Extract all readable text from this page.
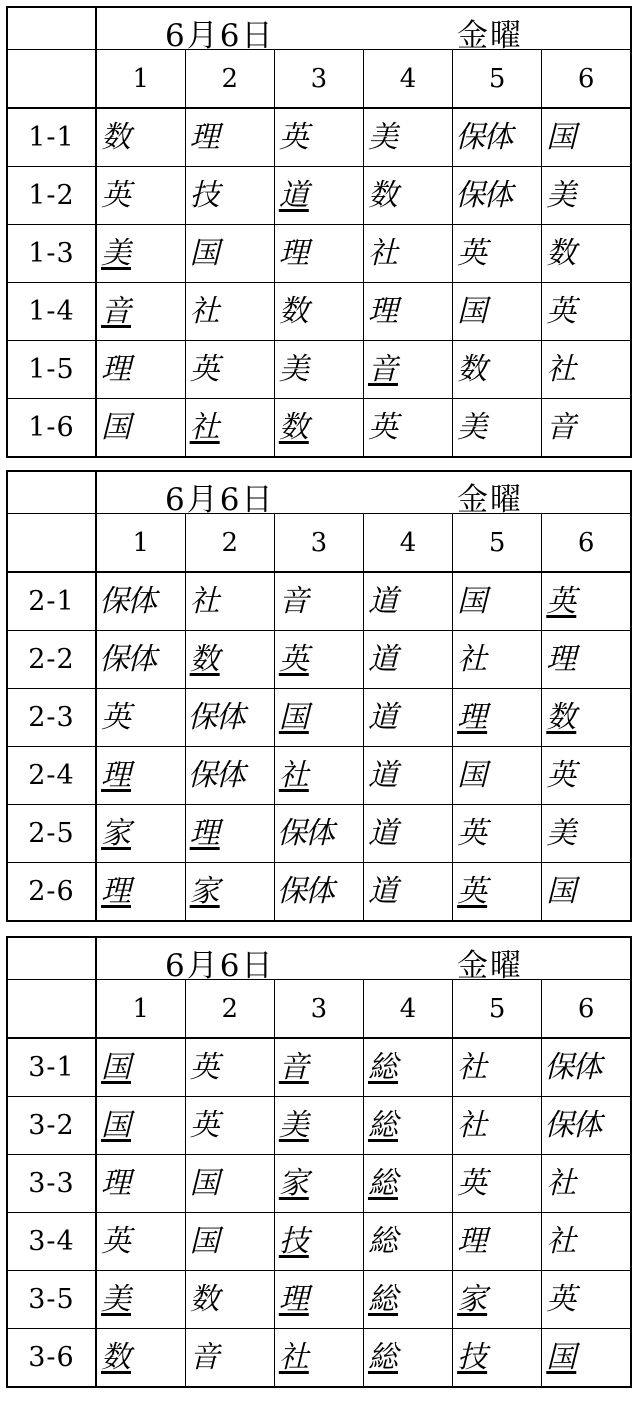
	6月6日 金曜					

	1	2	3	4	5	6
1-1	数	理	英	美	保体	国
1-2	英	技	道	数	保体	美
1-3	美	国	理	社	英	数
1-4	音	社	数	理	国	英
1-5	理	英	美	音	数	社
1-6	国	社	数	英	美	音

	6月6日 金曜					

	1	2	3	4	5	6
2-1	保体	社	音	道	国	英
2-2	保体	数	英	道	社	理
2-3	英	保体	国	道	理	数
2-4	理	保体	社	道	国	英
2-5	家	理	保体	道	英	美
2-6	理	家	保体	道	英	国

	6月6日 金曜					

	1	2	3	4	5	6
3-1	国	英	音	総	社	保体
3-2	国	英	美	総	社	保体
3-3	理	国	家	総	英	社
3-4	英	国	技	総	理	社
3-5	美	数	理	総	家	英
3-6	数	音	社	総	技	国
